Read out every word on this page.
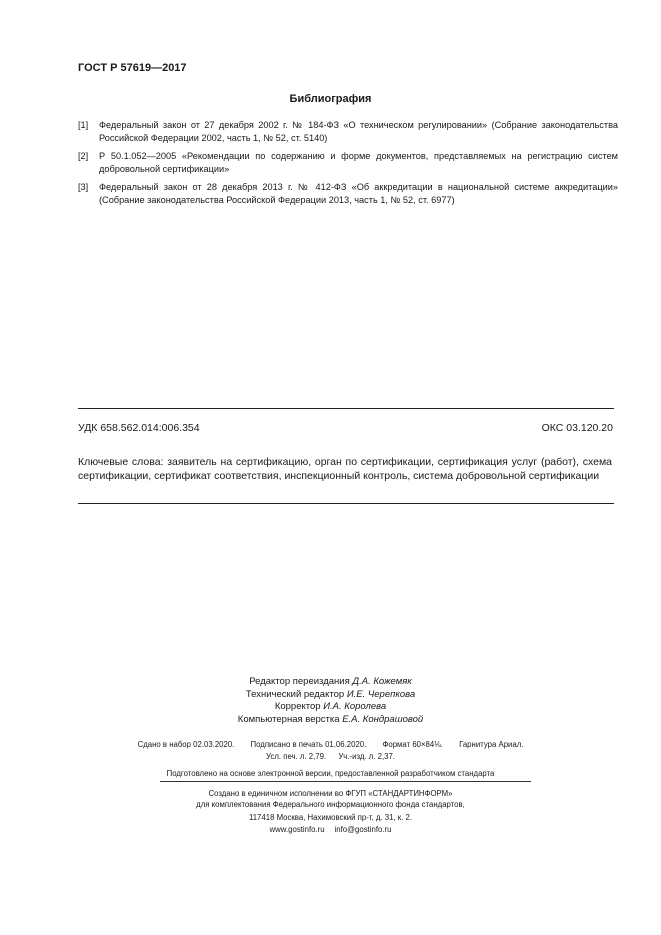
ГОСТ Р 57619—2017
Библиография
[1]	Федеральный закон от 27 декабря 2002 г. № 184-ФЗ «О техническом регулировании» (Собрание законодательства Российской Федерации 2002, часть 1, № 52, ст. 5140)
[2]	Р 50.1.052—2005 «Рекомендации по содержанию и форме документов, представляемых на регистрацию систем добровольной сертификации»
[3]	Федеральный закон от 28 декабря 2013 г. № 412-ФЗ «Об аккредитации в национальной системе аккредитации» (Собрание законодательства Российской Федерации 2013, часть 1, № 52, ст. 6977)
УДК 658.562.014:006.354	ОКС 03.120.20
Ключевые слова: заявитель на сертификацию, орган по сертификации, сертификация услуг (работ), схема сертификации, сертификат соответствия, инспекционный контроль, система добровольной сертификации
Редактор переиздания Д.А. Кожемяк
Технический редактор И.Е. Черепкова
Корректор И.А. Королева
Компьютерная верстка Е.А. Кондрашовой
Сдано в набор 02.03.2020. Подписано в печать 01.06.2020. Формат 60×84⅛. Гарнитура Ариал.
Усл. печ. л. 2,79. Уч.-изд. л. 2,37.
Подготовлено на основе электронной версии, предоставленной разработчиком стандарта
Создано в единичном исполнении во ФГУП «СТАНДАРТИНФОРМ»
для комплектования Федерального информационного фонда стандартов,
117418 Москва, Нахимовский пр-т, д. 31, к. 2.
www.gostinfo.ru info@gostinfo.ru
